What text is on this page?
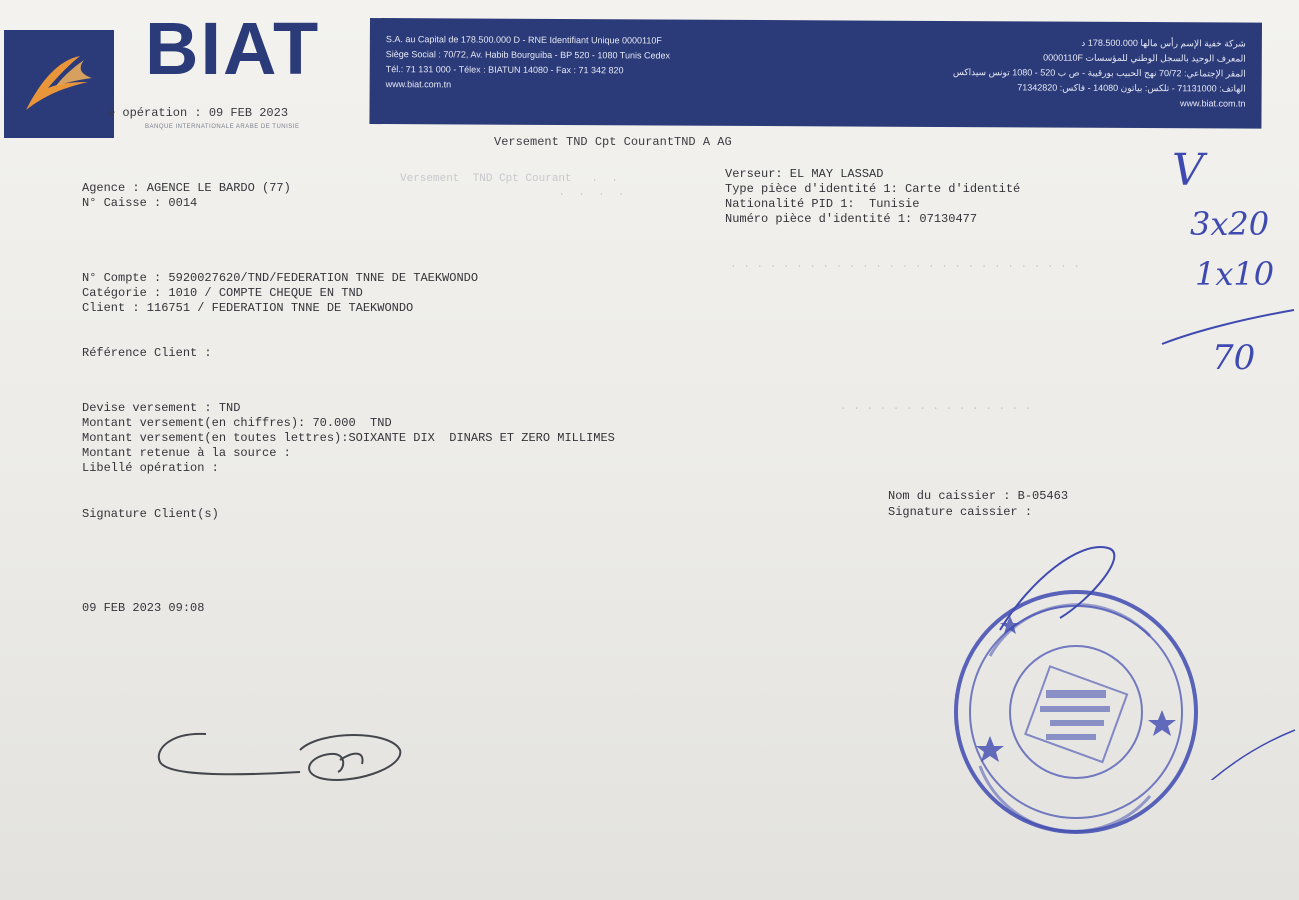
BIAT
BANQUE INTERNATIONALE ARABE DE TUNISIE
e opération : 09 FEB 2023
S.A. au Capital de 178.500.000 D - RNE Identifiant Unique 0000110F
Siège Social : 70/72, Av. Habib Bourguiba - BP 520 - 1080 Tunis Cedex
Tél.: 71 131 000 - Télex : BIATUN 14080 - Fax : 71 342 820
www.biat.com.tn
شركة خفية الإسم رأس مالها 178.500.000 د
المعرف الوحيد بالسجل الوطني للمؤسسات 0000110F
المقر الإجتماعي: 70/72 نهج الحبيب بورقيبة - ص ب 520 - 1080 تونس سيداكس
الهاتف: 71131000 - تلكس: بياتون 14080 - فاكس: 71342820
www.biat.com.tn
Versement TND Cpt CourantTND A AG
Versement  TND Cpt Courant   .  .
.  .  .  .
. . . . . . . . . . . . . . . . . . . . . . . . . . .
. . . . . . . . . . . . . . .
Agence : AGENCE LE BARDO (77)
N° Caisse : 0014
N° Compte : 5920027620/TND/FEDERATION TNNE DE TAEKWONDO
Catégorie : 1010 / COMPTE CHEQUE EN TND
Client : 116751 / FEDERATION TNNE DE TAEKWONDO
Référence Client :
Devise versement : TND
Montant versement(en chiffres): 70.000  TND
Montant versement(en toutes lettres):SOIXANTE DIX  DINARS ET ZERO MILLIMES
Montant retenue à la source :
Libellé opération :
Signature Client(s)
09 FEB 2023 09:08
Verseur: EL MAY LASSAD
Type pièce d'identité 1: Carte d'identité
Nationalité PID 1:  Tunisie
Numéro pièce d'identité 1: 07130477
Nom du caissier : B-05463
Signature caissier :
V
3x20
1x10
70
